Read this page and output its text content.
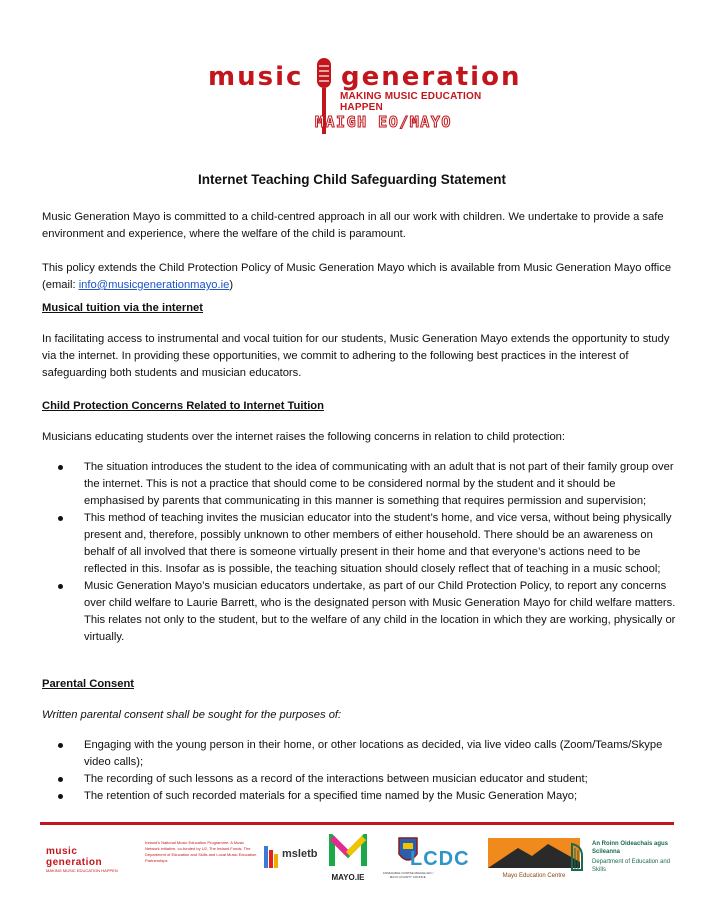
music generation
MAKING MUSIC EDUCATION HAPPEN
MAIGH EO/MAYO
Internet Teaching Child Safeguarding Statement

Music Generation Mayo is committed to a child-centred approach in all our work with children. We undertake to provide a safe environment and experience, where the welfare of the child is paramount.

This policy extends the Child Protection Policy of Music Generation Mayo which is available from Music Generation Mayo office (email: info@musicgenerationmayo.ie)

Musical tuition via the internet

In facilitating access to instrumental and vocal tuition for our students, Music Generation Mayo extends the opportunity to study via the internet. In providing these opportunities, we commit to adhering to the following best practices in the interest of safeguarding both students and musician educators.

Child Protection Concerns Related to Internet Tuition

Musicians educating students over the internet raises the following concerns in relation to child protection:

The situation introduces the student to the idea of communicating with an adult that is not part of their family group over the internet. This is not a practice that should come to be considered normal by the student and it should be emphasised by parents that communicating in this manner is something that requires permission and supervision;
This method of teaching invites the musician educator into the student’s home, and vice versa, without being physically present and, therefore, possibly unknown to other members of either household. There should be an awareness on behalf of all involved that there is someone virtually present in their home and that everyone’s actions need to be reflected in this. Insofar as is possible, the teaching situation should closely reflect that of teaching in a music school;
Music Generation Mayo’s musician educators undertake, as part of our Child Protection Policy, to report any concerns over child welfare to Laurie Barrett, who is the designated person with Music Generation Mayo for child welfare matters. This relates not only to the student, but to the welfare of any child in the location in which they are working, physically or virtually.

Parental Consent

Written parental consent shall be sought for the purposes of:

Engaging with the young person in their home, or other locations as decided, via live video calls (Zoom/Teams/Skype video calls);
The recording of such lessons as a record of the interactions between musician educator and student;
The retention of such recorded materials for a specified time named by the Music Generation Mayo;
music generation
MAKING MUSIC EDUCATION HAPPEN
Ireland's National Music Education Programme. A Music Network initiative, co-funded by U2, The Ireland Funds, The Department of Education and Skills and Local Music Education Partnerships
msletb
MAYO.IE	COMHAIRLE CONTAE MHAIGH EO / MAYO COUNTY COUNCIL
LCDC
Mayo Education Centre
An Roinn Oideachais agus Scileanna
Department of Education and Skills
